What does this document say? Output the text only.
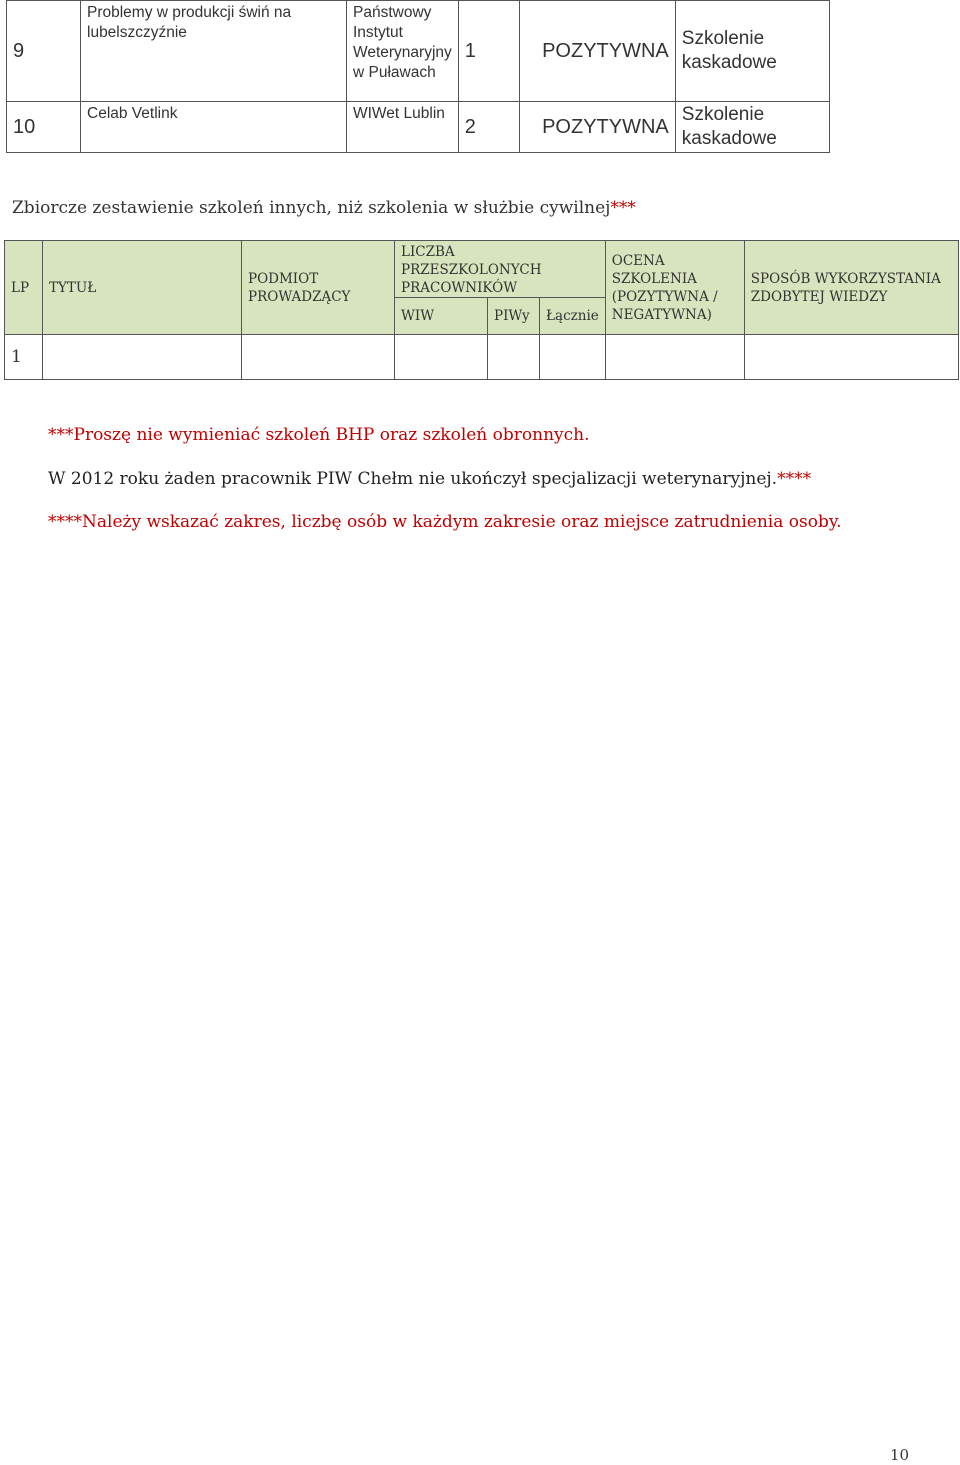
9	Problemy w produkcji świń na lubelszczyźnie	Państwowy Instytut Weterynaryjny w Puławach	1	POZYTYWNA	Szkolenie kaskadowe
10	Celab Vetlink	WIWet Lublin	2	POZYTYWNA	Szkolenie kaskadowe
Zbiorcze zestawienie szkoleń innych, niż szkolenia w służbie cywilnej***
LP	TYTUŁ	PODMIOT PROWADZĄCY	LICZBA PRZESZKOLONYCH PRACOWNIKÓW			OCENA SZKOLENIA (POZYTYWNA / NEGATYWNA)	SPOSÓB WYKORZYSTANIA ZDOBYTEJ WIEDZY
			WIW	PIWy	Łącznie		
1							
***Proszę nie wymieniać szkoleń BHP oraz szkoleń obronnych.
W 2012 roku żaden pracownik PIW Chełm nie ukończył specjalizacji weterynaryjnej.****
****Należy wskazać zakres, liczbę osób w każdym zakresie oraz miejsce zatrudnienia osoby.
10
